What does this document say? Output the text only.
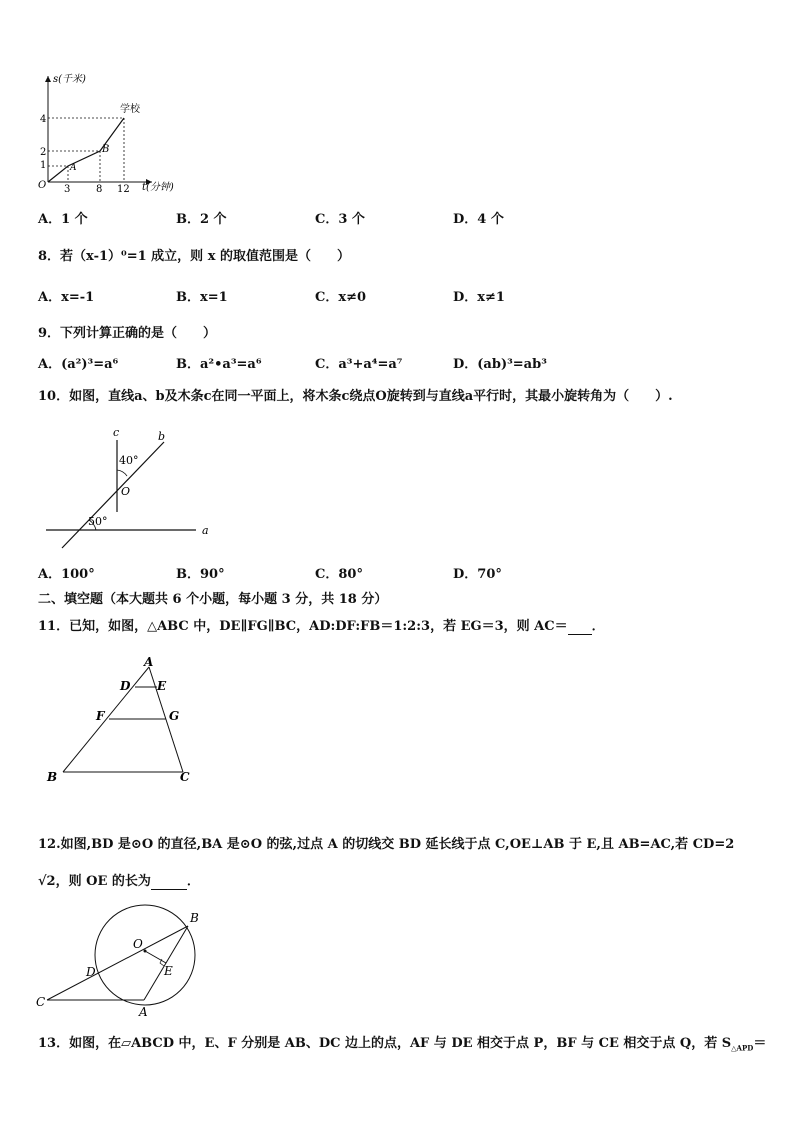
s(千米)
t(分钟)
O
4
2
1
3	8 12
A
B
学校
A．1 个	B．2 个	C．3 个	D．4 个
8．若（x-1）⁰=1 成立，则 x 的取值范围是（　　）
A．x=-1	B．x=1	C．x≠0	D．x≠1
9．下列计算正确的是（　　）
A．(a²)³=a⁶	B．a²•a³=a⁶	C．a³+a⁴=a⁷	D．(ab)³=ab³
10．如图，直线a、b及木条c在同一平面上，将木条c绕点O旋转到与直线a平行时，其最小旋转角为（　　）.
c	b
a
O
40°
50°
A．100°	B．90°	C．80°	D．70°
二、填空题（本大题共 6 个小题，每小题 3 分，共 18 分）
11．已知，如图，△ABC 中，DE∥FG∥BC，AD:DF:FB＝1:2:3，若 EG＝3，则 AC＝ ．
A
D E
F	G
B	C
12.如图,BD 是⊙O 的直径,BA 是⊙O 的弦,过点 A 的切线交 BD 延长线于点 C,OE⊥AB 于 E,且 AB=AC,若 CD=2
√2，则 OE 的长为	．
B
O
D	E
C
A
13．如图，在▱ABCD 中，E、F 分别是 AB、DC 边上的点，AF 与 DE 相交于点 P，BF 与 CE 相交于点 Q，若 $S_{\triangle APD}=$
